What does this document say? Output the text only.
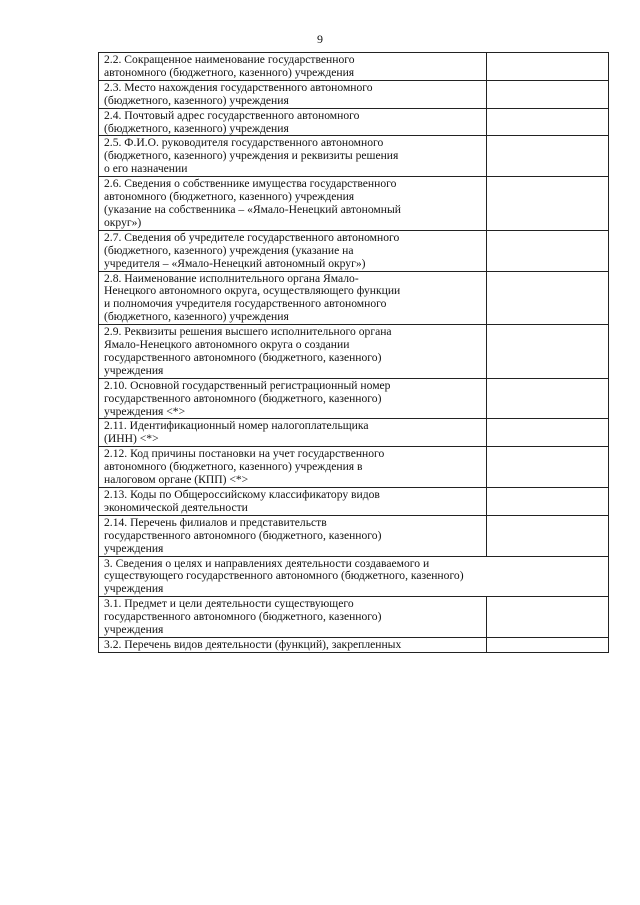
9
2.2. Сокращенное наименование государственного
автономного (бюджетного, казенного) учреждения	
2.3. Место нахождения государственного автономного
(бюджетного, казенного) учреждения	
2.4. Почтовый адрес государственного автономного
(бюджетного, казенного) учреждения	
2.5. Ф.И.О. руководителя государственного автономного
(бюджетного, казенного) учреждения и реквизиты решения
о его назначении	
2.6. Сведения о собственнике имущества государственного
автономного (бюджетного, казенного) учреждения
(указание на собственника – «Ямало-Ненецкий автономный
округ»)	
2.7. Сведения об учредителе государственного автономного
(бюджетного, казенного) учреждения (указание на
учредителя – «Ямало-Ненецкий автономный округ»)	
2.8. Наименование исполнительного органа Ямало-
Ненецкого автономного округа, осуществляющего функции
и полномочия учредителя государственного автономного
(бюджетного, казенного) учреждения	
2.9. Реквизиты решения высшего исполнительного органа
Ямало-Ненецкого автономного округа о создании
государственного автономного (бюджетного, казенного)
учреждения	
2.10. Основной государственный регистрационный номер
государственного автономного (бюджетного, казенного)
учреждения <*>	
2.11. Идентификационный номер налогоплательщика
(ИНН) <*>	
2.12. Код причины постановки на учет государственного
автономного (бюджетного, казенного) учреждения в
налоговом органе (КПП) <*>	
2.13. Коды по Общероссийскому классификатору видов
экономической деятельности	
2.14. Перечень филиалов и представительств
государственного автономного (бюджетного, казенного)
учреждения	
3. Сведения о целях и направлениях деятельности создаваемого и
существующего государственного автономного (бюджетного, казенного)
учреждения	
3.1. Предмет и цели деятельности существующего
государственного автономного (бюджетного, казенного)
учреждения	
3.2. Перечень видов деятельности (функций), закрепленных	
